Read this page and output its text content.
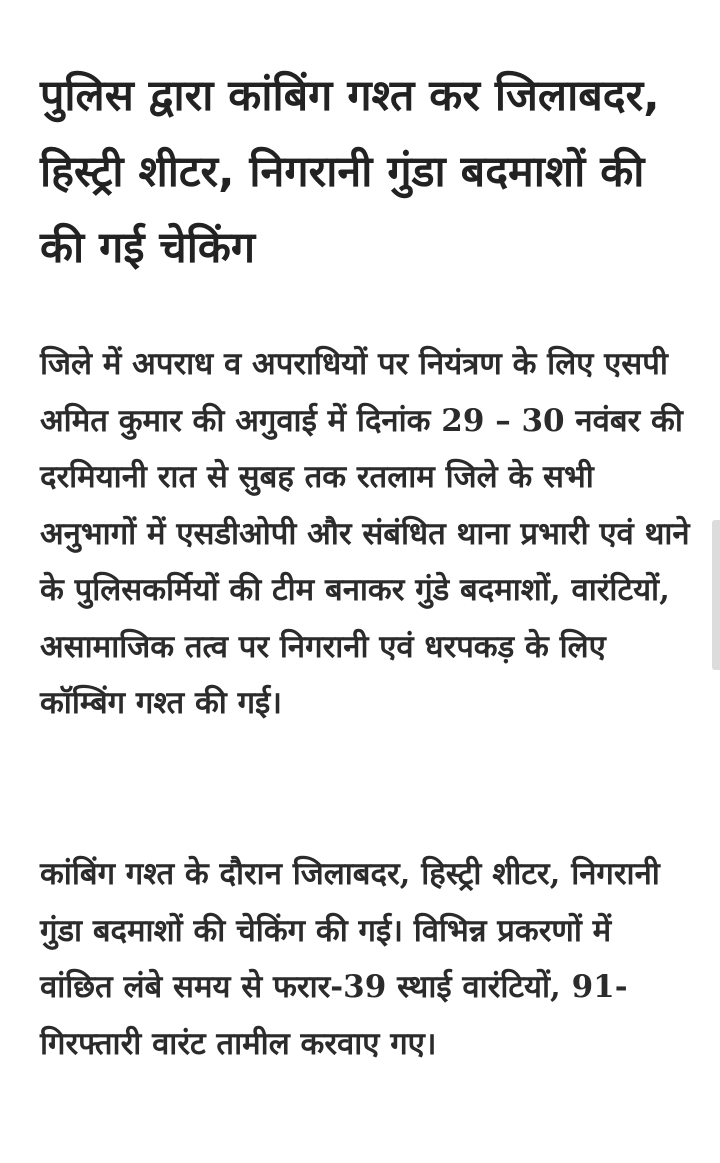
पुलिस द्वारा कांबिंग गश्त कर जिलाबदर, हिस्ट्री शीटर, निगरानी गुंडा बदमाशों की की गई चेकिंग

जिले में अपराध व अपराधियों पर नियंत्रण के लिए एसपी अमित कुमार की अगुवाई में दिनांक 29 – 30 नवंबर की दरमियानी रात से सुबह तक रतलाम जिले के सभी अनुभागों में एसडीओपी और संबंधित थाना प्रभारी एवं थाने के पुलिसकर्मियों की टीम बनाकर गुंडे बदमाशों, वारंटियों, असामाजिक तत्व पर निगरानी एवं धरपकड़ के लिए कॉम्बिंग गश्त की गई।

कांबिंग गश्त के दौरान जिलाबदर, हिस्ट्री शीटर, निगरानी गुंडा बदमाशों की चेकिंग की गई। विभिन्न प्रकरणों में वांछित लंबे समय से फरार-39 स्थाई वारंटियों, 91-गिरफ्तारी वारंट तामील करवाए गए।
